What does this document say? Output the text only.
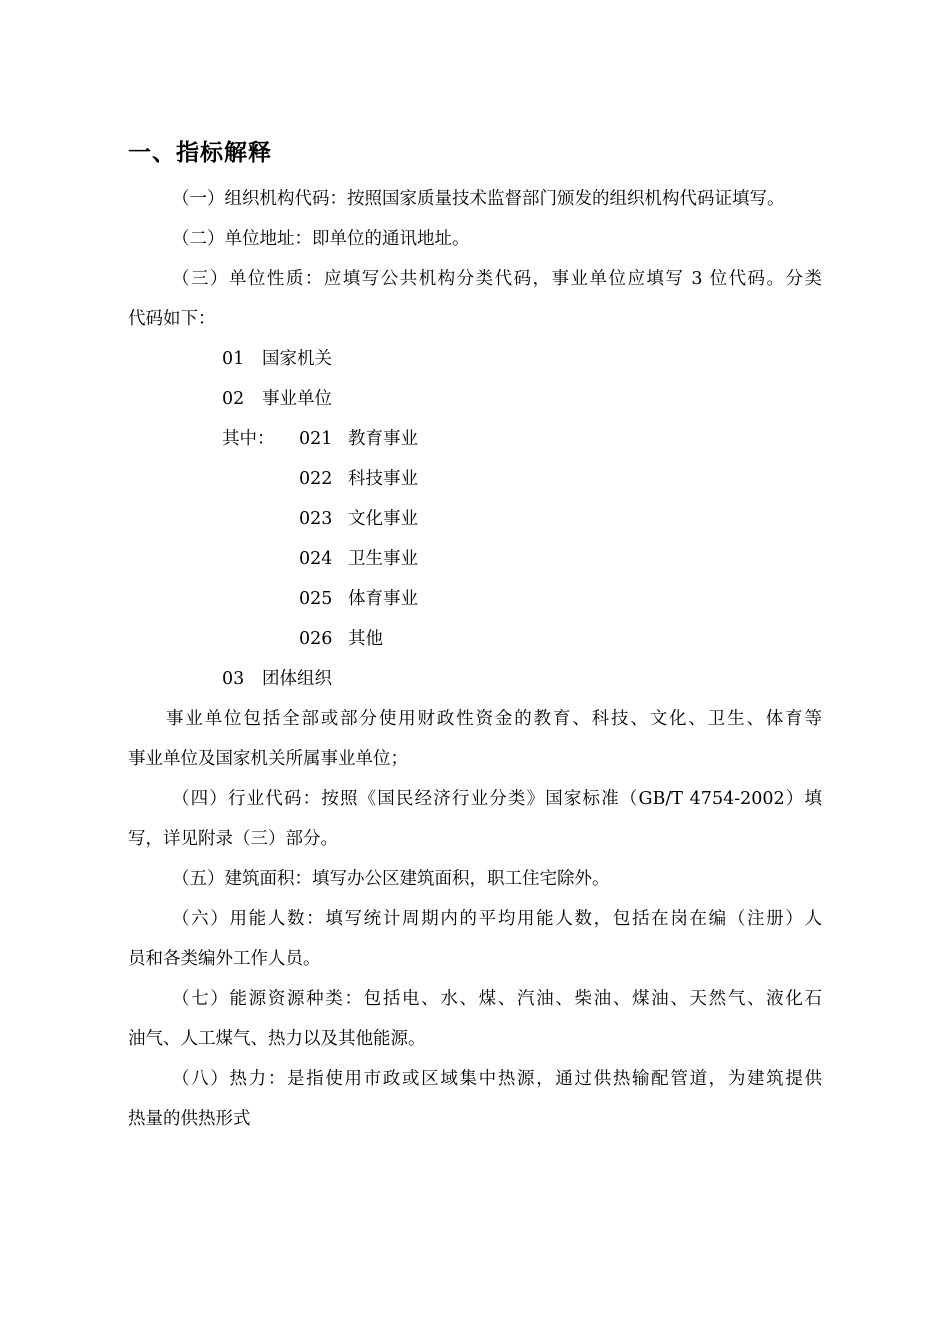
一、指标解释
（一）组织机构代码：按照国家质量技术监督部门颁发的组织机构代码证填写。
（二）单位地址：即单位的通讯地址。
（三）单位性质：应填写公共机构分类代码，事业单位应填写 3 位代码。分类
代码如下：
01 国家机关
02 事业单位
其中： 021 教育事业
022 科技事业
023 文化事业
024 卫生事业
025 体育事业
026 其他
03 团体组织
事业单位包括全部或部分使用财政性资金的教育、科技、文化、卫生、体育等
事业单位及国家机关所属事业单位；
（四）行业代码：按照《国民经济行业分类》国家标准（GB/T 4754-2002）填
写，详见附录（三）部分。
（五）建筑面积：填写办公区建筑面积，职工住宅除外。
（六）用能人数：填写统计周期内的平均用能人数，包括在岗在编（注册）人
员和各类编外工作人员。
（七）能源资源种类：包括电、水、煤、汽油、柴油、煤油、天然气、液化石
油气、人工煤气、热力以及其他能源。
（八）热力：是指使用市政或区域集中热源，通过供热输配管道，为建筑提供
热量的供热形式
